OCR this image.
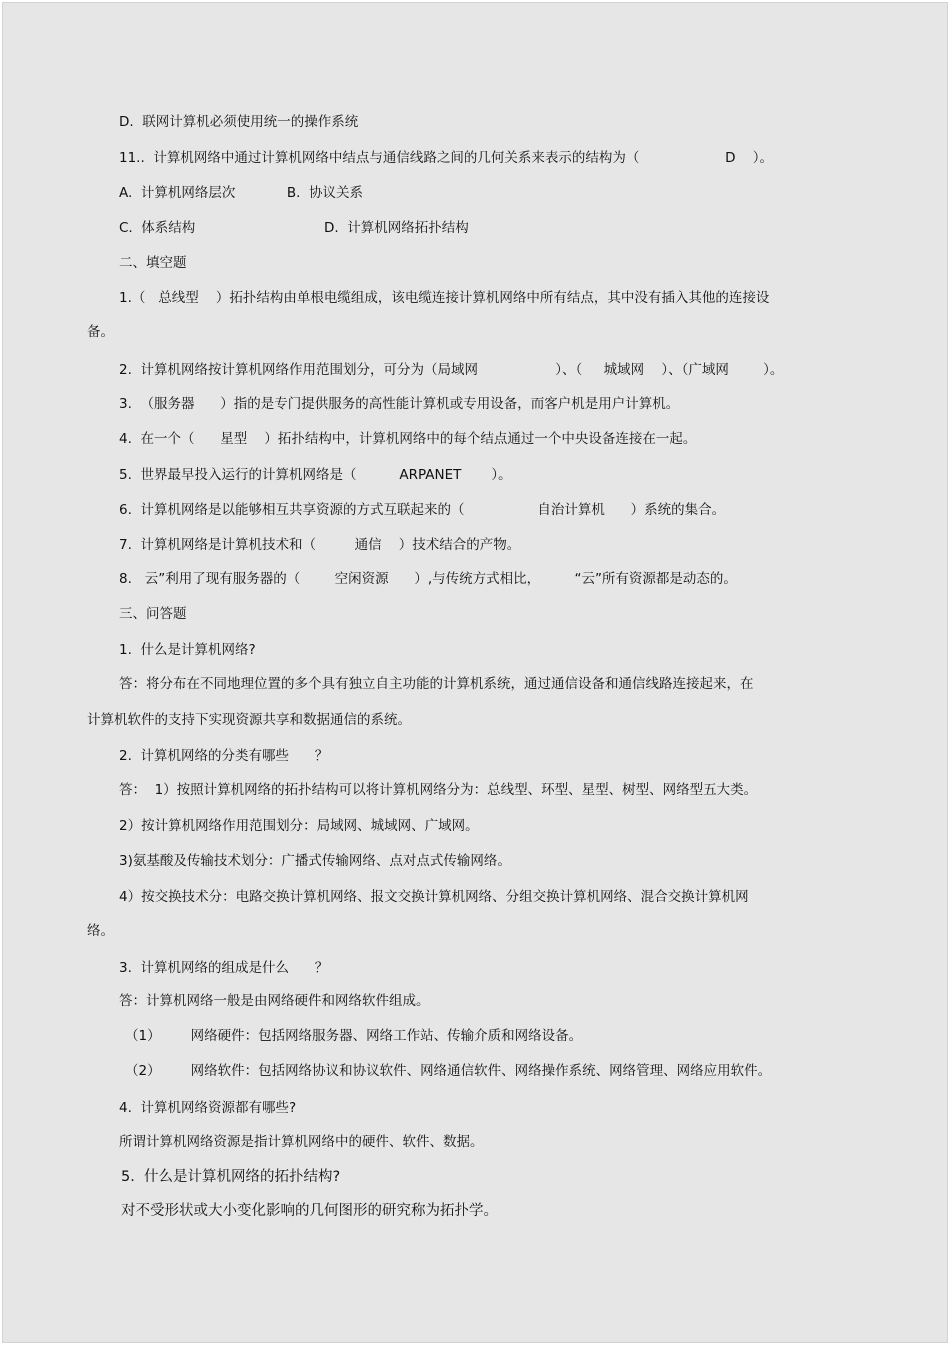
D.  联网计算机必须使用统一的操作系统
11..  计算机网络中通过计算机网络中结点与通信线路之间的几何关系来表示的结构为（                    D    ）。
A.  计算机网络层次            B.  协议关系
C.  体系结构                              D.  计算机网络拓扑结构
二、填空题
1.（   总线型    ）拓扑结构由单根电缆组成，该电缆连接计算机网络中所有结点，其中没有插入其他的连接设
备。
2.  计算机网络按计算机网络作用范围划分，可分为（局域网                  ）、（     城域网    ）、（广域网        ）。
3.  （服务器      ）指的是专门提供服务的高性能计算机或专用设备，而客户机是用户计算机。
4.  在一个（      星型    ）拓扑结构中，计算机网络中的每个结点通过一个中央设备连接在一起。
5.  世界最早投入运行的计算机网络是（          ARPANET       ）。
6.  计算机网络是以能够相互共享资源的方式互联起来的（                 自治计算机      ）系统的集合。
7.  计算机网络是计算机技术和（         通信    ）技术结合的产物。
8.   云”利用了现有服务器的（        空闲资源      ）,与传统方式相比，        “云”所有资源都是动态的。
三、问答题
1.  什么是计算机网络?
答：将分布在不同地理位置的多个具有独立自主功能的计算机系统，通过通信设备和通信线路连接起来，在
计算机软件的支持下实现资源共享和数据通信的系统。
2.  计算机网络的分类有哪些      ？
答：  1）按照计算机网络的拓扑结构可以将计算机网络分为：总线型、环型、星型、树型、网络型五大类。
2）按计算机网络作用范围划分：局域网、城域网、广域网。
3)氨基酸及传输技术划分：广播式传输网络、点对点式传输网络。
4）按交换技术分：电路交换计算机网络、报文交换计算机网络、分组交换计算机网络、混合交换计算机网
络。
3.  计算机网络的组成是什么      ？
答：计算机网络一般是由网络硬件和网络软件组成。
（1）       网络硬件：包括网络服务器、网络工作站、传输介质和网络设备。
（2）       网络软件：包括网络协议和协议软件、网络通信软件、网络操作系统、网络管理、网络应用软件。
4.  计算机网络资源都有哪些?
所谓计算机网络资源是指计算机网络中的硬件、软件、数据。
5.  什么是计算机网络的拓扑结构?
对不受形状或大小变化影响的几何图形的研究称为拓扑学。
